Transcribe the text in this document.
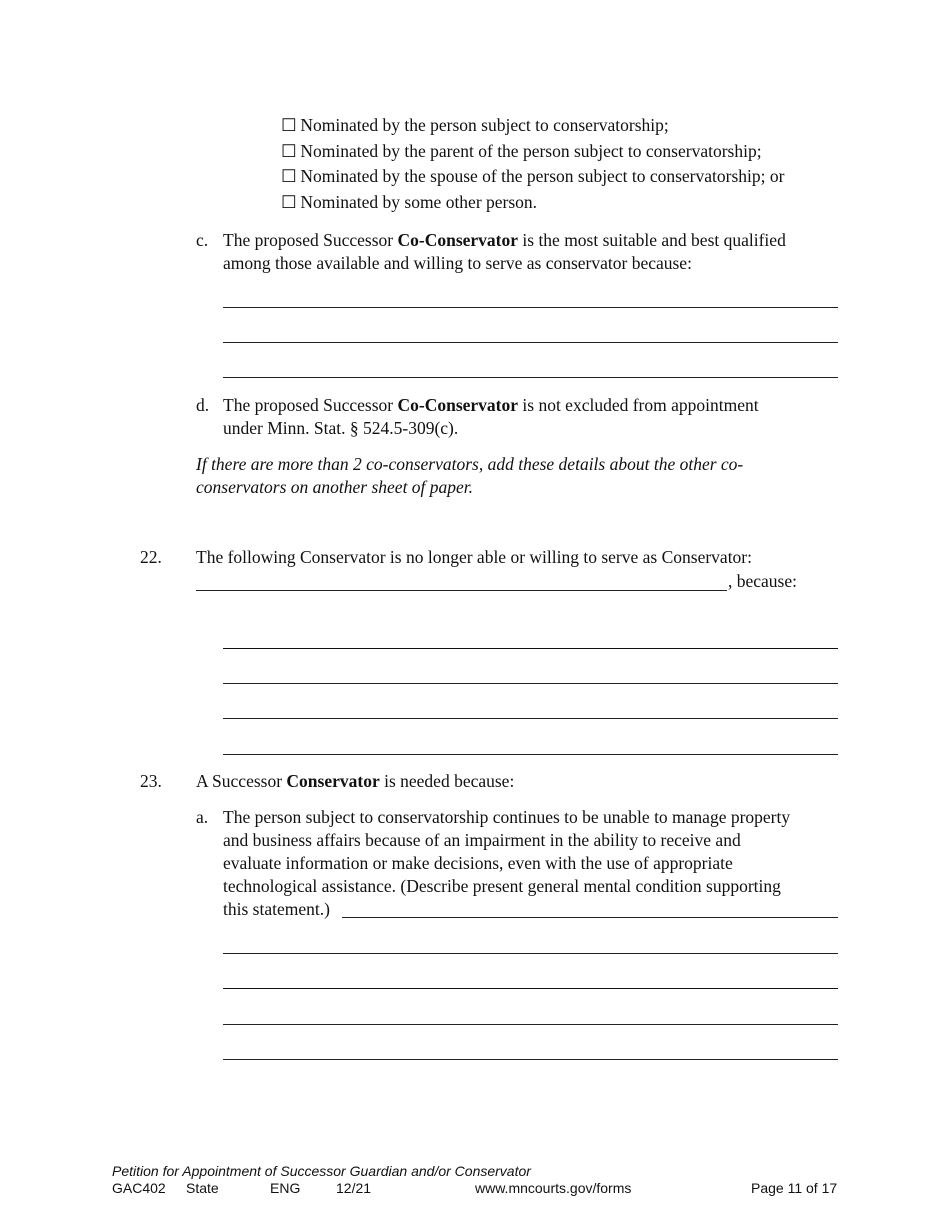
☐ Nominated by the person subject to conservatorship;
☐ Nominated by the parent of the person subject to conservatorship;
☐ Nominated by the spouse of the person subject to conservatorship; or
☐ Nominated by some other person.
c. The proposed Successor Co-Conservator is the most suitable and best qualified
among those available and willing to serve as conservator because:
d. The proposed Successor Co-Conservator is not excluded from appointment
under Minn. Stat. § 524.5-309(c).
If there are more than 2 co-conservators, add these details about the other co-
conservators on another sheet of paper.
22. The following Conservator is no longer able or willing to serve as Conservator:
, because:
23. A Successor Conservator is needed because:
a. The person subject to conservatorship continues to be unable to manage property
and business affairs because of an impairment in the ability to receive and
evaluate information or make decisions, even with the use of appropriate
technological assistance. (Describe present general mental condition supporting
this statement.)
Petition for Appointment of Successor Guardian and/or Conservator
GAC402 State	ENG	12/21	www.mncourts.gov/forms	Page 11 of 17
